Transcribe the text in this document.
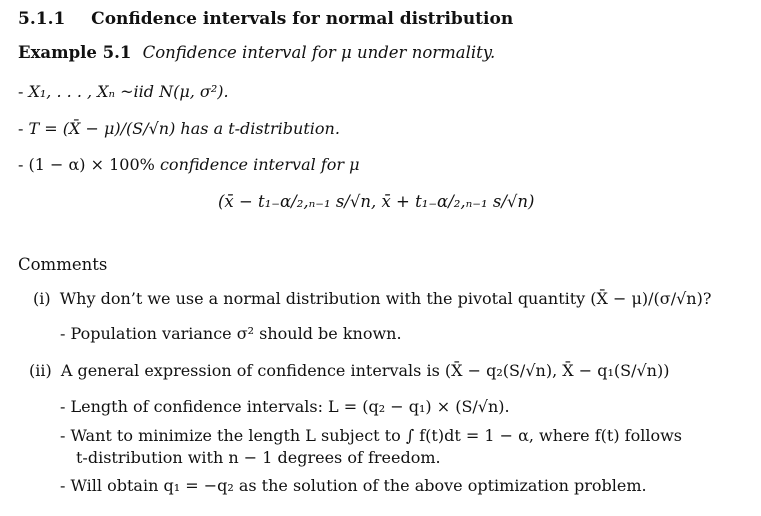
5.1.1 Confidence intervals for normal distribution
Example 5.1 Confidence interval for μ under normality.
- X₁, . . . , Xₙ ~iid N(μ, σ²).
- T = (X̄ − μ)/(S/√n) has a t-distribution.
- (1 − α) × 100% confidence interval for μ
(x̄ − t₁₋α/₂,ₙ₋₁ s/√n, x̄ + t₁₋α/₂,ₙ₋₁ s/√n)
Comments
(i) Why don’t we use a normal distribution with the pivotal quantity (X̄ − μ)/(σ/√n)?
- Population variance σ² should be known.
(ii) A general expression of confidence intervals is (X̄ − q₂(S/√n), X̄ − q₁(S/√n))
- Length of confidence intervals: L = (q₂ − q₁) × (S/√n).
- Want to minimize the length L subject to ∫ f(t)dt = 1 − α, where f(t) follows
t-distribution with n − 1 degrees of freedom.
- Will obtain q₁ = −q₂ as the solution of the above optimization problem.
